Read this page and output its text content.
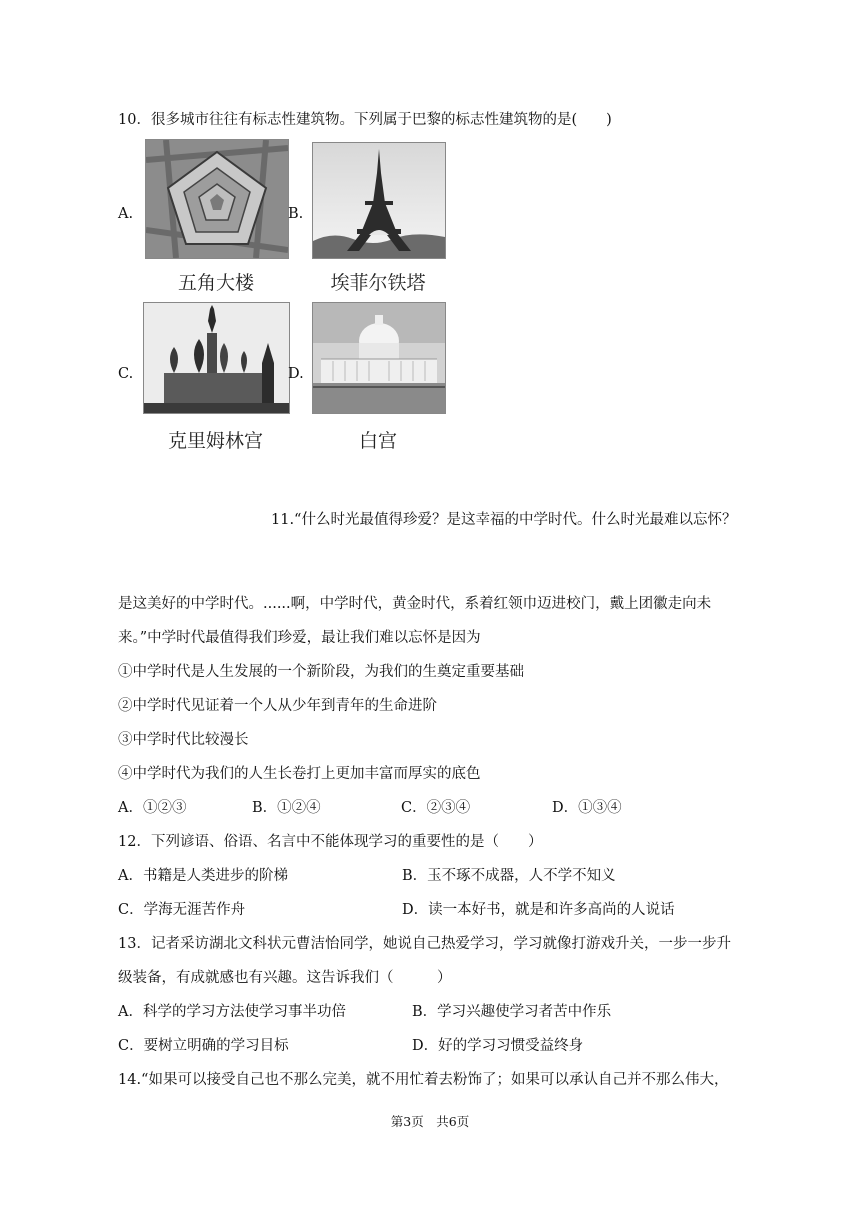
10．很多城市往往有标志性建筑物。下列属于巴黎的标志性建筑物的是(　　)
A.
五角大楼
B.
埃菲尔铁塔
C.
克里姆林宫
D.
白宫
11.“什么时光最值得珍爱？是这幸福的中学时代。什么时光最难以忘怀？
是这美好的中学时代。......啊，中学时代，黄金时代，系着红领巾迈进校门，戴上团徽走向未
来。”中学时代最值得我们珍爱，最让我们难以忘怀是因为
①中学时代是人生发展的一个新阶段，为我们的生奠定重要基础
②中学时代见证着一个人从少年到青年的生命进阶
③中学时代比较漫长
④中学时代为我们的人生长卷打上更加丰富而厚实的底色
A．①②③	B．①②④	C．②③④	D．①③④
12．下列谚语、俗语、名言中不能体现学习的重要性的是（　　）
A．书籍是人类进步的阶梯	B．玉不琢不成器，人不学不知义
C．学海无涯苦作舟	D．读一本好书，就是和许多高尚的人说话
13．记者采访湖北文科状元曹洁怡同学，她说自己热爱学习，学习就像打游戏升关，一步一步升
级装备，有成就感也有兴趣。这告诉我们（　　　）
A．科学的学习方法使学习事半功倍	B．学习兴趣使学习者苦中作乐
C．要树立明确的学习目标	D．好的学习习惯受益终身
14.“如果可以接受自己也不那么完美，就不用忙着去粉饰了；如果可以承认自己并不那么伟大，
第3页　共6页
